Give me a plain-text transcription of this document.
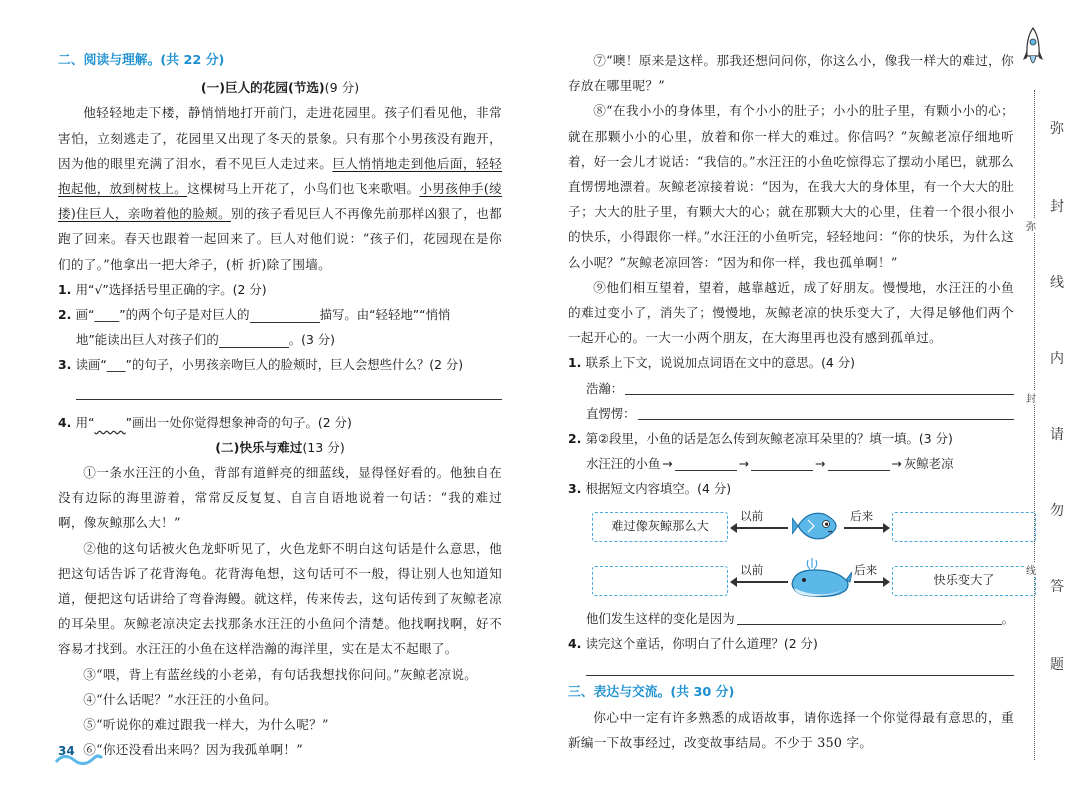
二、阅读与理解。(共 22 分)
(一)巨人的花园(节选)(9 分)
他轻轻地走下楼，静悄悄地打开前门，走进花园里。孩子们看见他，非常害怕，立刻逃走了，花园里又出现了冬天的景象。只有那个小男孩没有跑开，因为他的眼里充满了泪水，看不见巨人走过来。巨人悄悄地走到他后面，轻轻抱起他，放到树枝上。这棵树马上开花了，小鸟们也飞来歌唱。小男孩伸手(绫 搂)住巨人，亲吻着他的脸颊。别的孩子看见巨人不再像先前那样凶狠了，也都跑了回来。春天也跟着一起回来了。巨人对他们说：“孩子们，花园现在是你们的了。”他拿出一把大斧子，(析 折)除了围墙。
1. 用“√”选择括号里正确的字。(2 分)
2. 画“____”的两个句子是对巨人的	描写。由“轻轻地”“悄悄
地”能读出巨人对孩子们的	。(3 分)
3. 读画“___”的句子，小男孩亲吻巨人的脸颊时，巨人会想些什么？(2 分)
4. 用“~~~”画出一处你觉得想象神奇的句子。(2 分)
(二)快乐与难过(13 分)
①一条水汪汪的小鱼，背部有道鲜亮的细蓝线，显得怪好看的。他独自在没有边际的海里游着，常常反反复复、自言自语地说着一句话：“我的难过啊，像灰鲸那么大！”
②他的这句话被火色龙虾听见了，火色龙虾不明白这句话是什么意思，他把这句话告诉了花背海龟。花背海龟想，这句话可不一般，得让别人也知道知道，便把这句话讲给了弯眷海鳗。就这样，传来传去，这句话传到了灰鲸老凉的耳朵里。灰鲸老凉决定去找那条水汪汪的小鱼问个清楚。他找啊找啊，好不容易才找到。水汪汪的小鱼在这样浩瀚的海洋里，实在是太不起眼了。
③“喂，背上有蓝丝线的小老弟，有句话我想找你问问。”灰鲸老凉说。
④“什么话呢？”水汪汪的小鱼问。
⑤“听说你的难过跟我一样大，为什么呢？”
⑥“你还没看出来吗？因为我孤单啊！”
⑦“噢！原来是这样。那我还想问问你，你这么小，像我一样大的难过，你存放在哪里呢？”
⑧“在我小小的身体里，有个小小的肚子；小小的肚子里，有颗小小的心；就在那颗小小的心里，放着和你一样大的难过。你信吗？”灰鲸老凉仔细地听着，好一会儿才说话：“我信的。”水汪汪的小鱼吃惊得忘了摆动小尾巴，就那么直愣愣地漂着。灰鲸老凉接着说：“因为，在我大大的身体里，有一个大大的肚子；大大的肚子里，有颗大大的心；就在那颗大大的心里，住着一个很小很小的快乐，小得跟你一样。”水汪汪的小鱼听完，轻轻地问：“你的快乐，为什么这么小呢？”灰鲸老凉回答：“因为和你一样，我也孤单啊！”
⑨他们相互望着，望着，越靠越近，成了好朋友。慢慢地，水汪汪的小鱼的难过变小了，消失了；慢慢地，灰鲸老凉的快乐变大了，大得足够他们两个一起开心的。一大一小两个朋友，在大海里再也没有感到孤单过。
1. 联系上下文，说说加点词语在文中的意思。(4 分)
浩瀚：
直愣愣：
2. 第②段里，小鱼的话是怎么传到灰鲸老凉耳朵里的？填一填。(3 分)
水汪汪的小鱼 →	→	→	→ 灰鲸老凉
3. 根据短文内容填空。(4 分)
难过像灰鲸那么大
以前	后来
以前	后来
快乐变大了
他们发生这样的变化是因为	。
4. 读完这个童话，你明白了什么道理？(2 分)
三、表达与交流。(共 30 分)
你心中一定有许多熟悉的成语故事，请你选择一个你觉得最有意思的，重新编一下故事经过，改变故事结局。不少于 350 字。
34
弥
封
线
内
请
勿
答
题
弥
封
线
